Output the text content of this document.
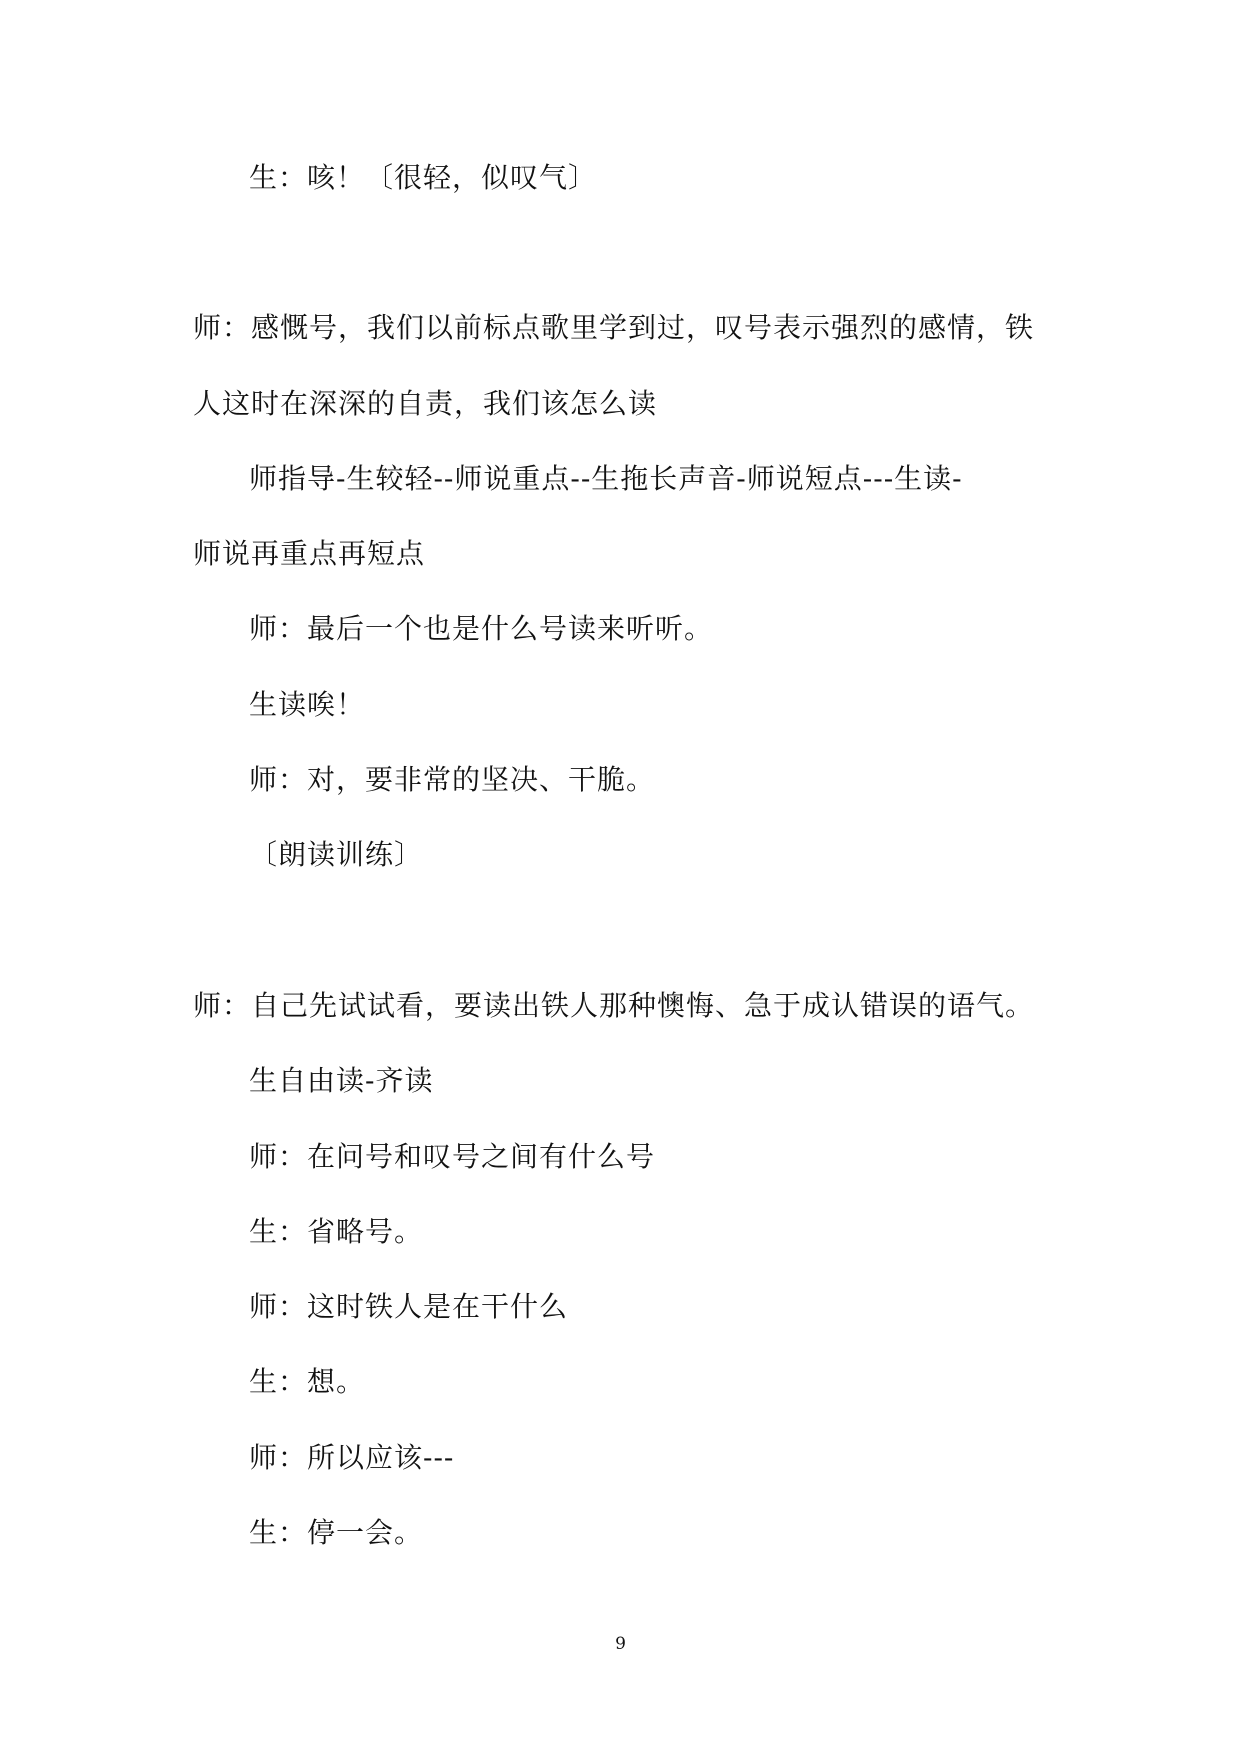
生：咳！〔很轻，似叹气〕
师：感慨号，我们以前标点歌里学到过，叹号表示强烈的感情，铁
人这时在深深的自责，我们该怎么读
师指导-生较轻--师说重点--生拖长声音-师说短点---生读-
师说再重点再短点
师：最后一个也是什么号读来听听。
生读唉！
师：对，要非常的坚决、干脆。
〔朗读训练〕
师：自己先试试看，要读出铁人那种懊悔、急于成认错误的语气。
生自由读-齐读
师：在问号和叹号之间有什么号
生：省略号。
师：这时铁人是在干什么
生：想。
师：所以应该---
生：停一会。
9
